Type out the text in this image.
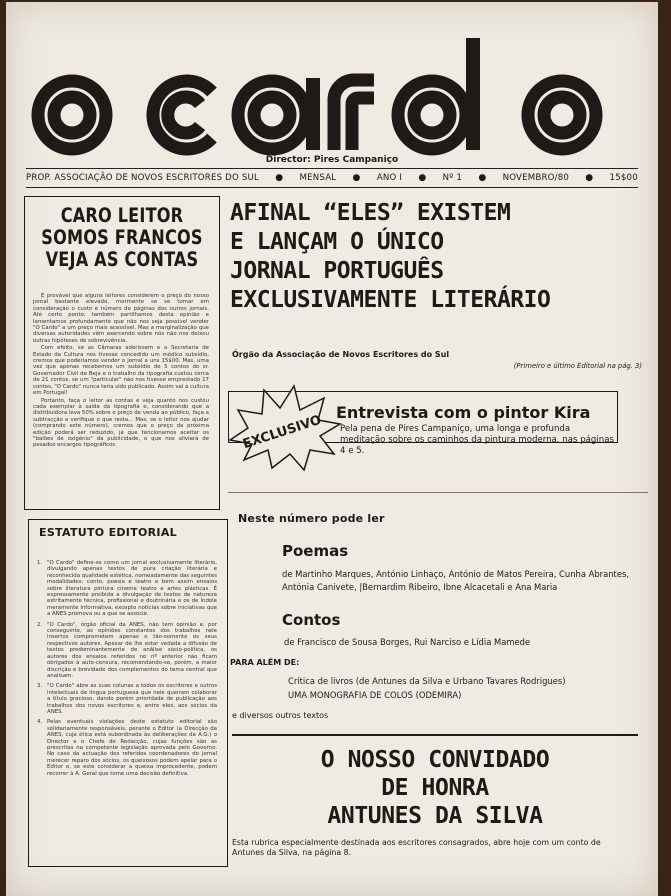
Director: Pires Campaniço
PROP. ASSOCIAÇÃO DE NOVOS ESCRITORES DO SUL ● MENSAL ● ANO I ● Nº 1 ● NOVEMBRO/80 ● 15$00
CARO LEITOR
SOMOS FRANCOS
VEJA AS CONTAS

É provável que alguns leitores considerem o preço do nosso jornal bastante elevado, mormente se se tomar em consideração o custo e número de páginas dos outros jornais. Até certo ponto, também partilhamos desta opinião e lamentamos profundamente que não nos seja possível vender "O Cardo" a um preço mais acessível. Mas a marginalização que diversas autoridades vêm exercendo sobre nós não nos deixou outras hipóteses de sobrevivência.

Com efeito, se as Câmaras aderissem e a Secretaria de Estado da Cultura nos tivesse concedido um módico subsídio, cremos que poderíamos vender o jornal a uns 15$00. Mas, uma vez que apenas recebemos um subsídio de 5 contos do sr. Governador Civil de Beja e o trabalho da tipografia custou cerca de 21 contos, se um "particular" não nos tivesse emprestado 17 contos, "O Cardo" nunca teria sido publicado. Assim vai a cultura em Portugal!

Portanto, faça o leitor as contas e veja quanto nos custou cada exemplar à saída da tipografia e, considerando que a distribuidora leva 50% sobre o preço de venda ao público, faça a subtracção e verifique o que resta... Mas, se o leitor nos ajudar (comprando este número), cremos que o preço da próxima edição poderá ser reduzido, já que tencionamos aceitar os "balões de oxigénio" da publicidade, o que nos aliviará de pesados encargos tipográficos.

ESTATUTO EDITORIAL
1. "O Cardo" define-se como um jornal exclusivamente literário, divulgando apenas textos de pura criação literária e reconhecida qualidade estética, nomeadamente das seguintes modalidades: conto, poesia e teatro e bem assim ensaios sobre literatura pintura cinema teatro e artes plásticas. É expressamente proibida a divulgação de textos de natureza estritamente técnica, profissional e doutrinária e os de índole meramente informativa, excepto notícias sobre iniciativas que a ANES promova ou a que se associe.
2. "O Cardo", órgão oficial da ANES, não tem opinião e, por conseguinte, as opiniões constantes dos trabalhos nele insertos comprometem apenas e tão-somente os seus respectivos autores. Apesar de lhe estar vedada a difusão de textos predominantemente de análise sócio-política, os autores dos ensaios referidos no nº anterior não ficam obrigados à auto-censura, recomendando-se, porém, a maior discrição e brevidade dos complementos do tema central que analisam.
3. "O Cardo" abre as suas colunas a todos os escritores e outros intelectuais de língua portuguesa que nele queiram colaborar a título gracioso, dando porém prioridade de publicação aos trabalhos dos novos escritores e, entre eles, aos sócios da ANES.
4. Pelas eventuais violações deste estatuto editorial são solidariamente responsáveis, perante o Editor (a Direcção da ANES, cuja ética está subordinada às deliberações da A.G.) o Director e o Chefe de Redacção, cujas funções são as prescritas na competente legislação aprovada pelo Governo. No caso da actuação dos referidos coordenadores do jornal merecer reparo dos sócios, os queixosos podem apelar para o Editor e, se este considerar a queixa improcedente, podem recorrer à A. Geral que tome uma decisão definitiva.
AFINAL “ELES” EXISTEM
E LANÇAM O ÚNICO
JORNAL PORTUGUÊS
EXCLUSIVAMENTE LITERÁRIO
Órgão da Associação de Novos Escritores do Sul
(Primeiro e último Editorial na pág. 3)
EXCLUSIVO
Entrevista com o pintor Kira
Pela pena de Pires Campaniço, uma longa e profunda meditação sobre os caminhos da pintura moderna, nas páginas 4 e 5.
Neste número pode ler
Poemas
de Martinho Marques, António Linhaço, António de Matos Pereira, Cunha Abrantes, Antónia Canivete, |Bernardim Ribeiro, Ibne Alcacetali e Ana Maria
Contos
de Francisco de Sousa Borges, Rui Narciso e Lídia Mamede
PARA ALÉM DE:
Crítica de livros (de Antunes da Silva e Urbano Tavares Rodrigues)
UMA MONOGRAFIA DE COLOS (ODEMIRA)
e diversos outros textos
O NOSSO CONVIDADO
DE HONRA
ANTUNES DA SILVA
Esta rubrica especialmente destinada aos escritores consagrados, abre hoje com um conto de Antunes da Silva, na página 8.
